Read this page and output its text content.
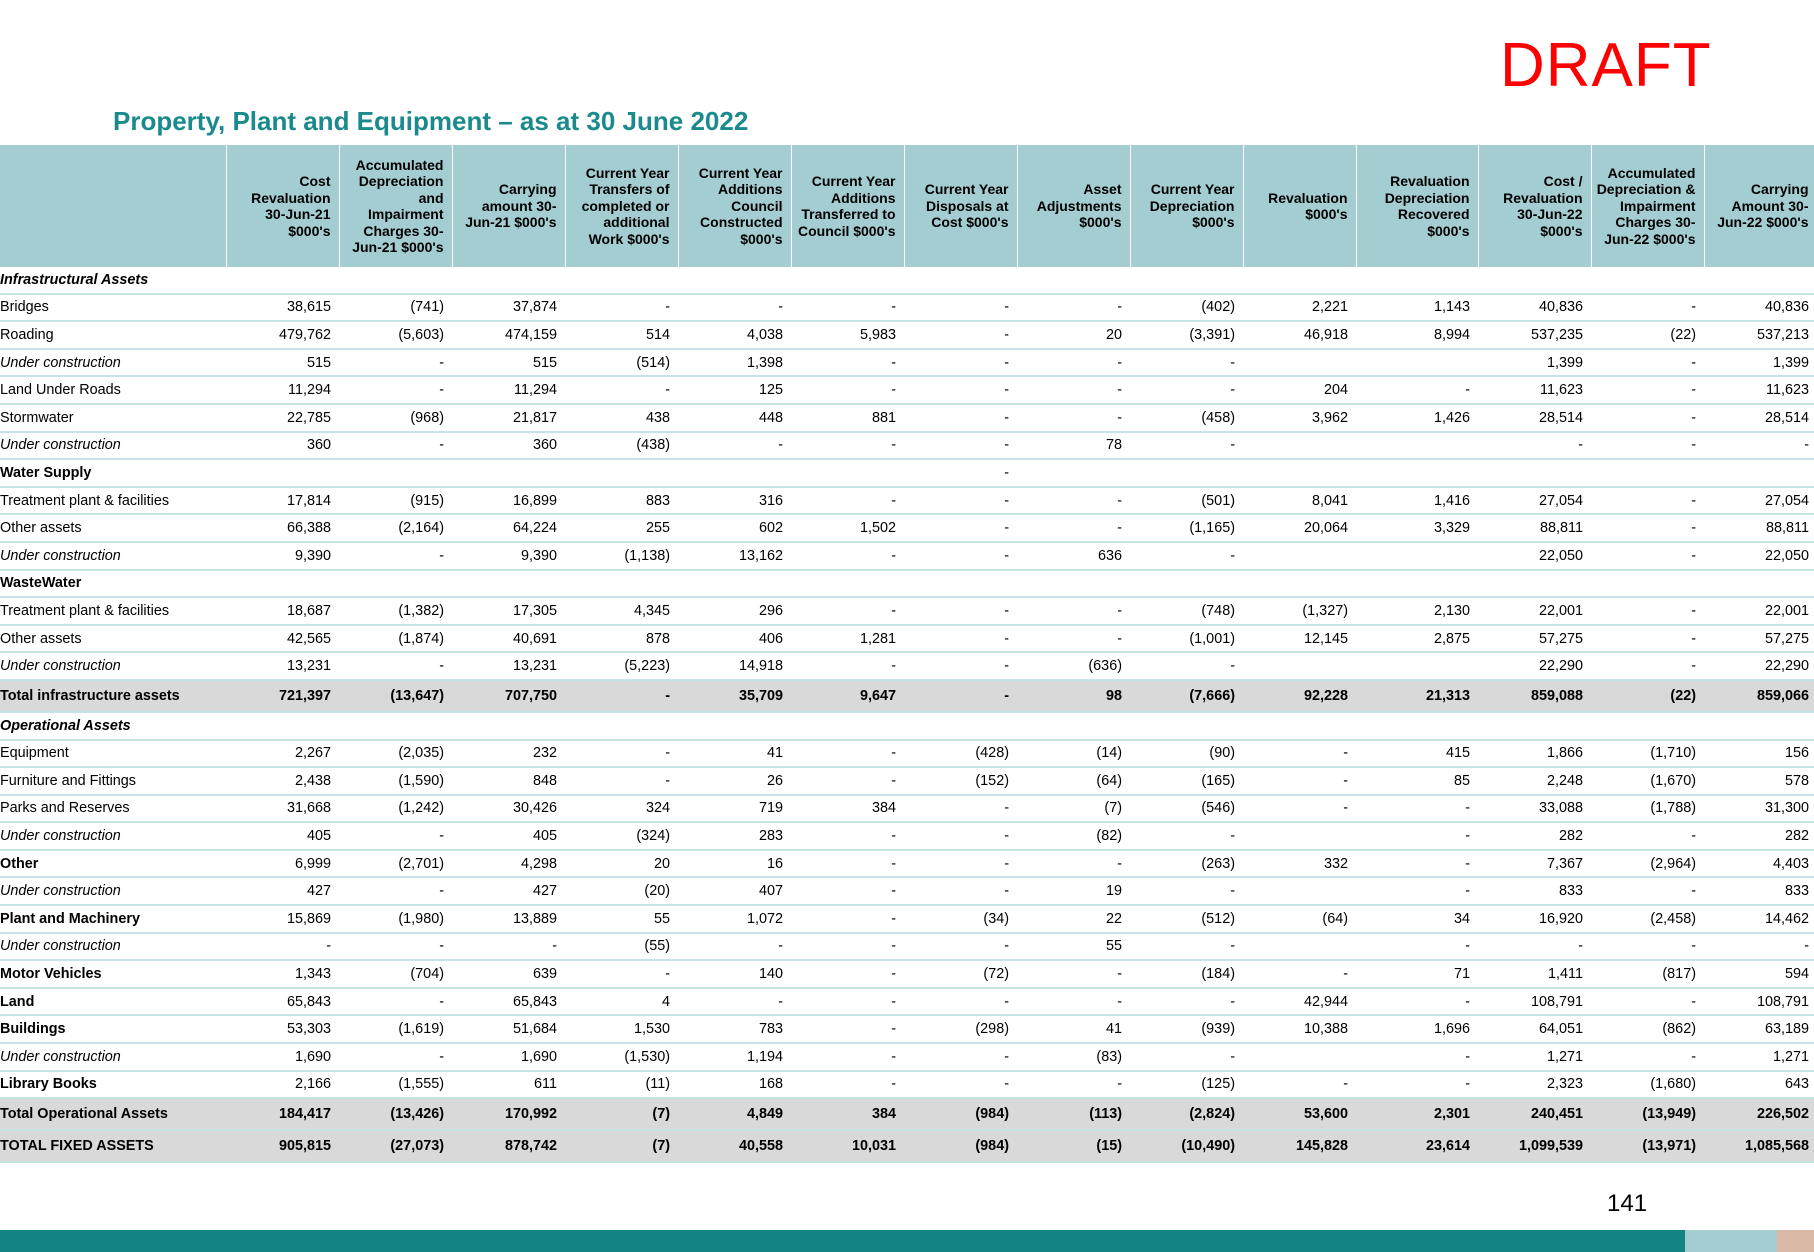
DRAFT
Property, Plant and Equipment – as at 30 June 2022
	Cost Revaluation 30-Jun-21 $000's	Accumulated Depreciation and Impairment Charges 30-Jun-21 $000's	Carrying amount 30-Jun-21 $000's	Current Year Transfers of completed or additional Work $000's	Current Year Additions Council Constructed $000's	Current Year Additions Transferred to Council $000's	Current Year Disposals at Cost $000's	Asset Adjustments $000's	Current Year Depreciation $000's	Revaluation $000's	Revaluation Depreciation Recovered $000's	Cost / Revaluation 30-Jun-22 $000's	Accumulated Depreciation & Impairment Charges 30-Jun-22 $000's	Carrying Amount 30-Jun-22 $000's
Infrastructural Assets														
Bridges	38,615	(741)	37,874	-	-	-	-	-	(402)	2,221	1,143	40,836	-	40,836
Roading	479,762	(5,603)	474,159	514	4,038	5,983	-	20	(3,391)	46,918	8,994	537,235	(22)	537,213
Under construction	515	-	515	(514)	1,398	-	-	-	-			1,399	-	1,399
Land Under Roads	11,294	-	11,294	-	125	-	-	-	-	204	-	11,623	-	11,623
Stormwater	22,785	(968)	21,817	438	448	881	-	-	(458)	3,962	1,426	28,514	-	28,514
Under construction	360	-	360	(438)	-	-	-	78	-			-	-	-
Water Supply							-							
Treatment plant & facilities	17,814	(915)	16,899	883	316	-	-	-	(501)	8,041	1,416	27,054	-	27,054
Other assets	66,388	(2,164)	64,224	255	602	1,502	-	-	(1,165)	20,064	3,329	88,811	-	88,811
Under construction	9,390	-	9,390	(1,138)	13,162	-	-	636	-			22,050	-	22,050
WasteWater														
Treatment plant & facilities	18,687	(1,382)	17,305	4,345	296	-	-	-	(748)	(1,327)	2,130	22,001	-	22,001
Other assets	42,565	(1,874)	40,691	878	406	1,281	-	-	(1,001)	12,145	2,875	57,275	-	57,275
Under construction	13,231	-	13,231	(5,223)	14,918	-	-	(636)	-			22,290	-	22,290
Total infrastructure assets	721,397	(13,647)	707,750	-	35,709	9,647	-	98	(7,666)	92,228	21,313	859,088	(22)	859,066
Operational Assets														
Equipment	2,267	(2,035)	232	-	41	-	(428)	(14)	(90)	-	415	1,866	(1,710)	156
Furniture and Fittings	2,438	(1,590)	848	-	26	-	(152)	(64)	(165)	-	85	2,248	(1,670)	578
Parks and Reserves	31,668	(1,242)	30,426	324	719	384	-	(7)	(546)	-	-	33,088	(1,788)	31,300
Under construction	405	-	405	(324)	283	-	-	(82)	-		-	282	-	282
Other	6,999	(2,701)	4,298	20	16	-	-	-	(263)	332	-	7,367	(2,964)	4,403
Under construction	427	-	427	(20)	407	-	-	19	-		-	833	-	833
Plant and Machinery	15,869	(1,980)	13,889	55	1,072	-	(34)	22	(512)	(64)	34	16,920	(2,458)	14,462
Under construction	-	-	-	(55)	-	-	-	55	-		-	-	-	-
Motor Vehicles	1,343	(704)	639	-	140	-	(72)	-	(184)	-	71	1,411	(817)	594
Land	65,843	-	65,843	4	-	-	-	-	-	42,944	-	108,791	-	108,791
Buildings	53,303	(1,619)	51,684	1,530	783	-	(298)	41	(939)	10,388	1,696	64,051	(862)	63,189
Under construction	1,690	-	1,690	(1,530)	1,194	-	-	(83)	-		-	1,271	-	1,271
Library Books	2,166	(1,555)	611	(11)	168	-	-	-	(125)	-	-	2,323	(1,680)	643
Total Operational Assets	184,417	(13,426)	170,992	(7)	4,849	384	(984)	(113)	(2,824)	53,600	2,301	240,451	(13,949)	226,502
TOTAL FIXED ASSETS	905,815	(27,073)	878,742	(7)	40,558	10,031	(984)	(15)	(10,490)	145,828	23,614	1,099,539	(13,971)	1,085,568
141
